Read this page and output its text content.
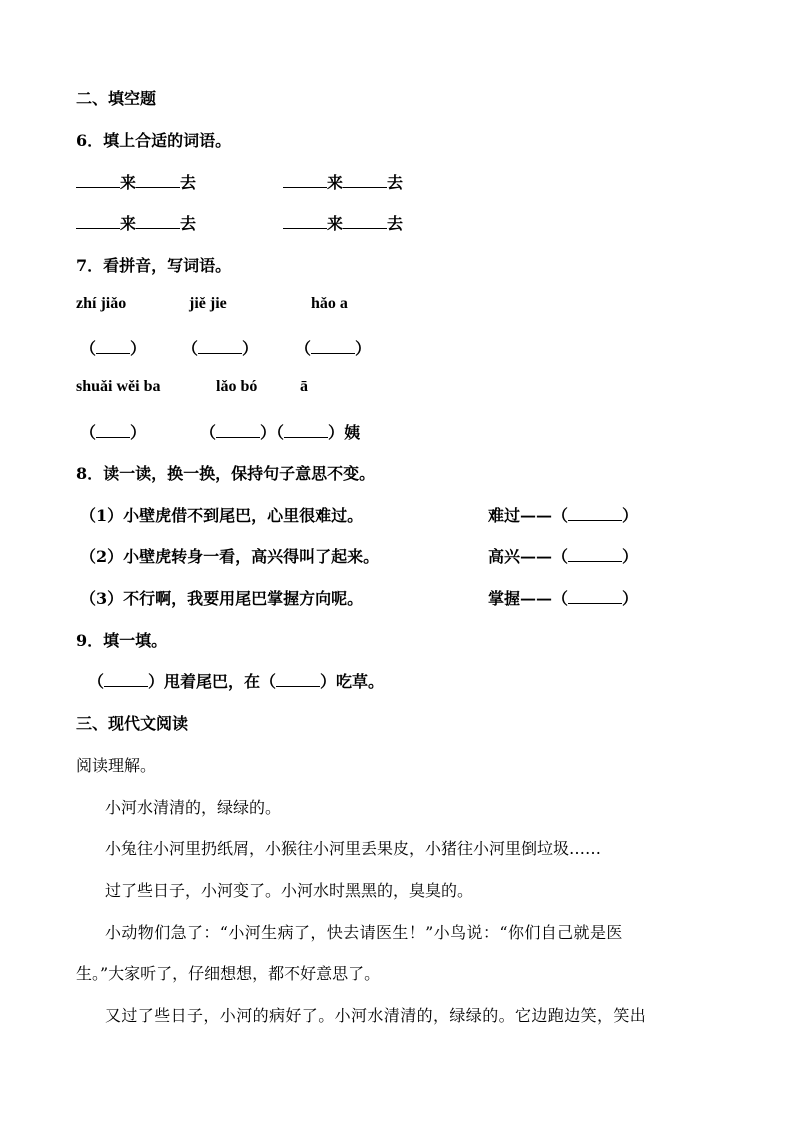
二、填空题
6．填上合适的词语。
来	去	来	去
来	去	来	去
7．看拼音，写词语。
zhí jiǎo	jiě jie	hǎo a
（ ） （	） （	）
shuǎi wěi ba	lǎo bó	ā
（ ）	（	）（	）姨
8．读一读，换一换，保持句子意思不变。
（1）小壁虎借不到尾巴，心里很难过。	难过——（	）
（2）小壁虎转身一看，高兴得叫了起来。	高兴——（	）
（3）不行啊，我要用尾巴掌握方向呢。	掌握——（	）
9．填一填。
（	）甩着尾巴，在（	）吃草。
三、现代文阅读
阅读理解。
小河水清清的，绿绿的。
小兔往小河里扔纸屑，小猴往小河里丢果皮，小猪往小河里倒垃圾……
过了些日子，小河变了。小河水时黑黑的，臭臭的。
小动物们急了：“小河生病了，快去请医生！”小鸟说：“你们自己就是医
生。”大家听了，仔细想想，都不好意思了。
又过了些日子，小河的病好了。小河水清清的，绿绿的。它边跑边笑，笑出
